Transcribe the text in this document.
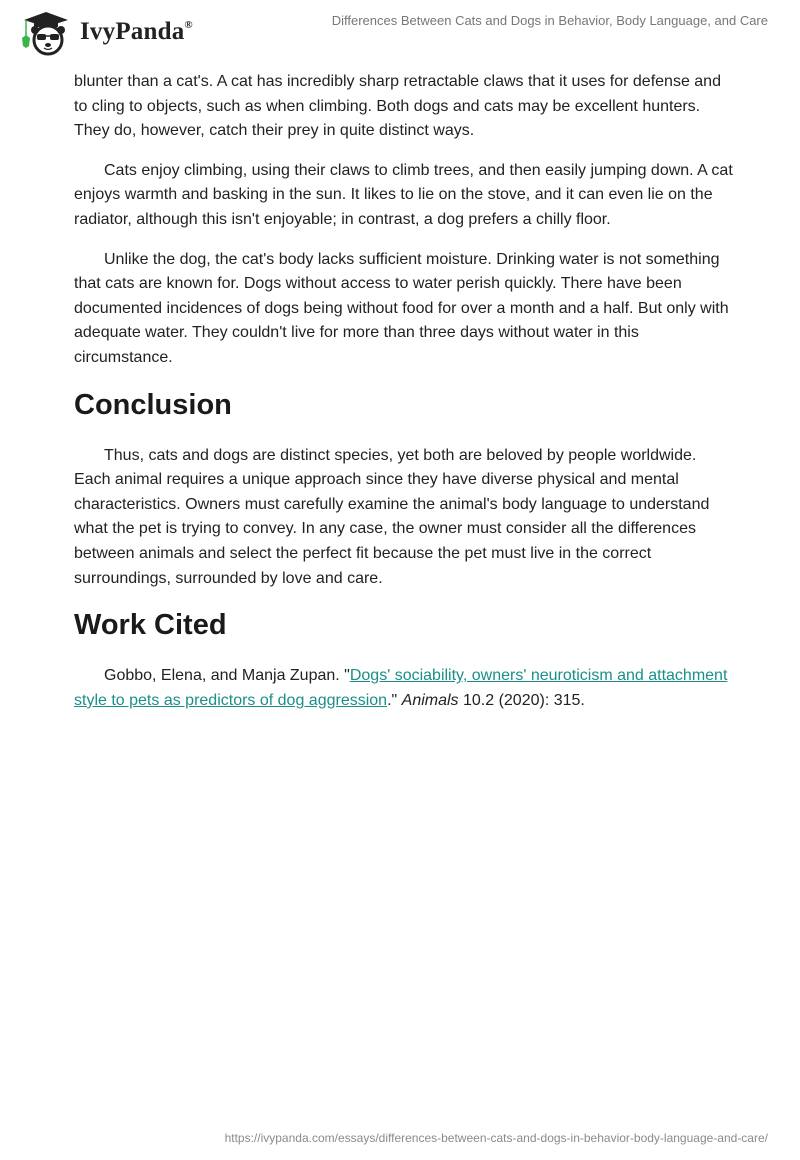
IvyPanda®	Differences Between Cats and Dogs in Behavior, Body Language, and Care

blunter than a cat's. A cat has incredibly sharp retractable claws that it uses for defense and to cling to objects, such as when climbing. Both dogs and cats may be excellent hunters. They do, however, catch their prey in quite distinct ways.

Cats enjoy climbing, using their claws to climb trees, and then easily jumping down. A cat enjoys warmth and basking in the sun. It likes to lie on the stove, and it can even lie on the radiator, although this isn't enjoyable; in contrast, a dog prefers a chilly floor.

Unlike the dog, the cat's body lacks sufficient moisture. Drinking water is not something that cats are known for. Dogs without access to water perish quickly. There have been documented incidences of dogs being without food for over a month and a half. But only with adequate water. They couldn't live for more than three days without water in this circumstance.

Conclusion

Thus, cats and dogs are distinct species, yet both are beloved by people worldwide. Each animal requires a unique approach since they have diverse physical and mental characteristics. Owners must carefully examine the animal's body language to understand what the pet is trying to convey. In any case, the owner must consider all the differences between animals and select the perfect fit because the pet must live in the correct surroundings, surrounded by love and care.

Work Cited

Gobbo, Elena, and Manja Zupan. "Dogs' sociability, owners' neuroticism and attachment style to pets as predictors of dog aggression." Animals 10.2 (2020): 315.

https://ivypanda.com/essays/differences-between-cats-and-dogs-in-behavior-body-language-and-care/
